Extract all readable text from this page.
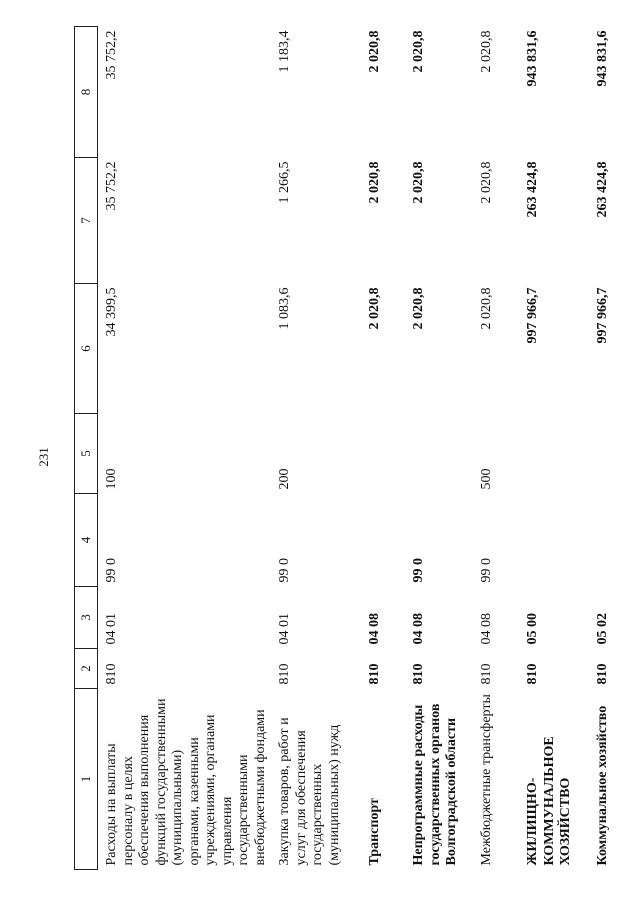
231
1	2	3	4	5	6	7	8
Расходы на выплаты персоналу в целях обеспечения выполнения функций государственными (муниципальными) органами, казенными учреждениями, органами управления государственными внебюджетными фондами	810	04 01	99 0	100	34 399,5	35 752,2	35 752,2
Закупка товаров, работ и услуг для обеспечения государственных (муниципальных) нужд	810	04 01	99 0	200	1 083,6	1 266,5	1 183,4
Транспорт	810	04 08			2 020,8	2 020,8	2 020,8
Непрограммные расходы государственных органов Волгоградской области	810	04 08	99 0		2 020,8	2 020,8	2 020,8
Межбюджетные трансферты	810	04 08	99 0	500	2 020,8	2 020,8	2 020,8
ЖИЛИЩНО-КОММУНАЛЬНОЕ ХОЗЯЙСТВО	810	05 00			997 966,7	263 424,8	943 831,6
Коммунальное хозяйство	810	05 02			997 966,7	263 424,8	943 831,6
